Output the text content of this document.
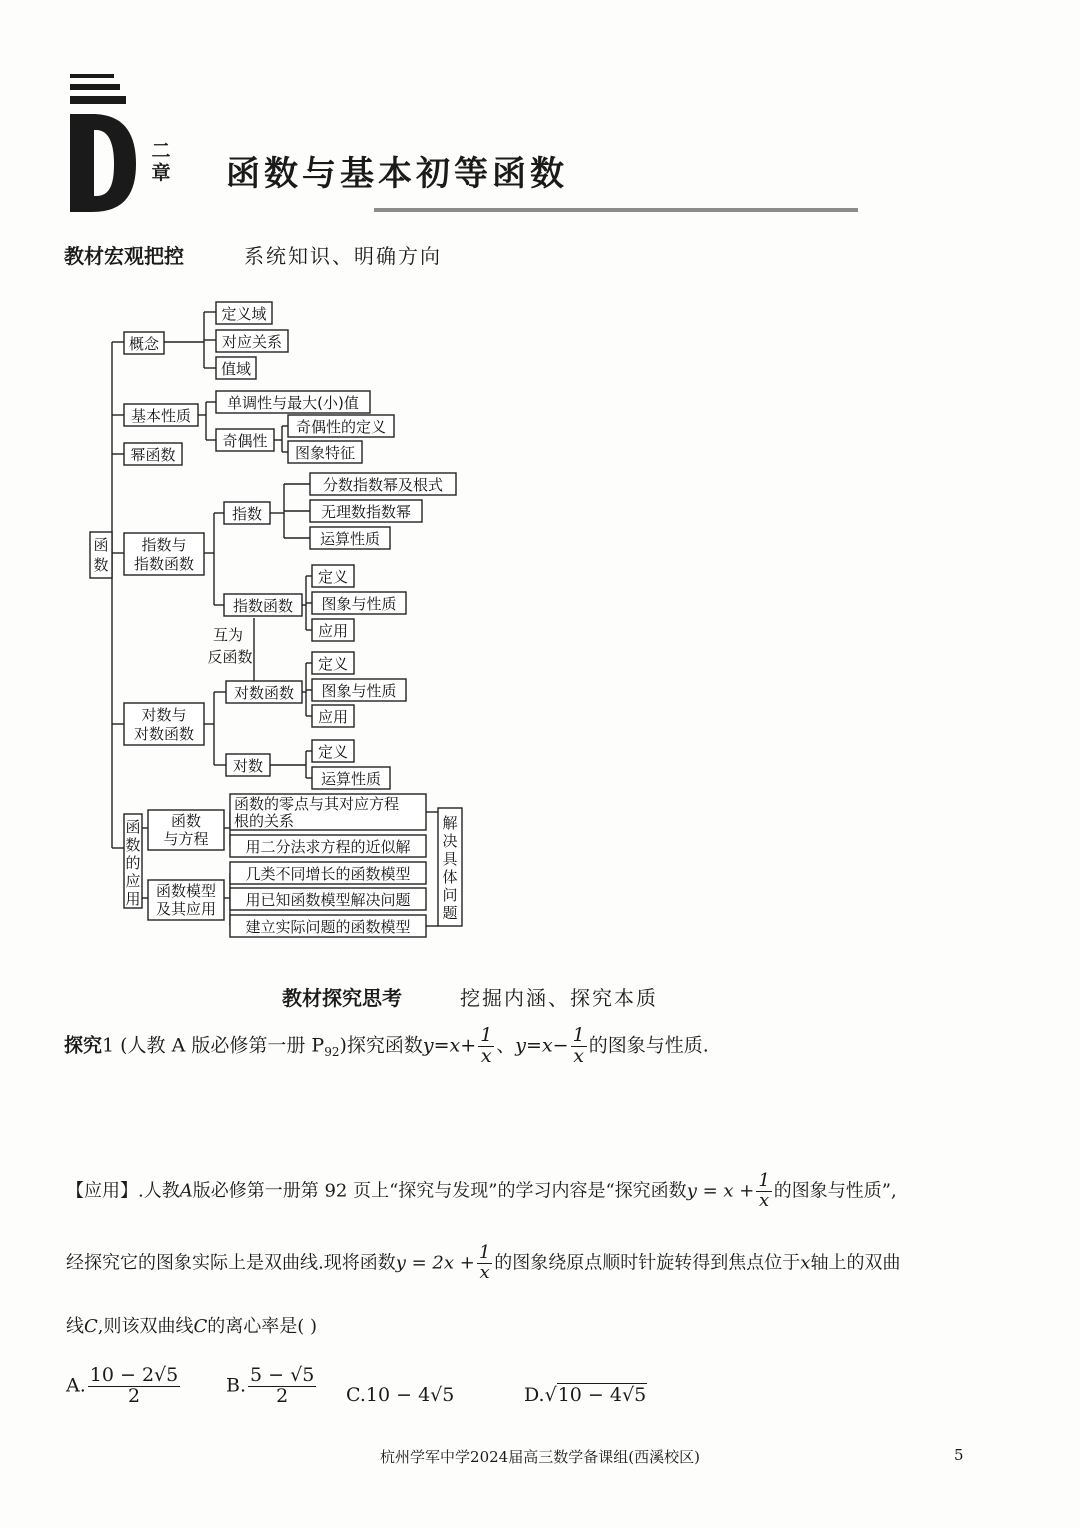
二章 函数与基本初等函数
教材宏观把控	系统知识、明确方向
函
数
概念
定义域
对应关系
值域
基本性质
单调性与最大(小)值
奇偶性
奇偶性的定义
图象特征
幂函数
指数与
指数函数
指数
分数指数幂及根式
无理数指数幂
运算性质
指数函数
定义
图象与性质
应用
互为
反函数
对数函数
定义
图象与性质
应用
对数与
对数函数
对数
定义
运算性质
函
数
的
应
用
函数
与方程
函数的零点与其对应方程
根的关系
用二分法求方程的近似解
函数模型
及其应用
几类不同增长的函数模型
用已知函数模型解决问题
建立实际问题的函数模型
解
决
具
体
问
题
教材探究思考	挖掘内涵、探究本质
探究1 (人教 A 版必修第一册 $P_{92}$)探究函数$y=x+ \frac{1}{x}$ 、$y=x- \frac{1}{x}$ 的图象与性质.
【应用】.人教A版必修第一册第 92 页上“探究与发现”的学习内容是“探究函数$y = x + \frac{1}{x}$ 的图象与性质”,
经探究它的图象实际上是双曲线.现将函数$y = 2x + \frac{1}{x}$ 的图象绕原点顺时针旋转得到焦点位于x轴上的双曲
线C,则该双曲线C的离心率是( )
A. $\frac{10 - 2√5}{2} B$. $\frac{5 - √5}{2} C.10 - 4√5$	D.√10 − 4√5
杭州学军中学2024届高三数学备课组(西溪校区)	5
